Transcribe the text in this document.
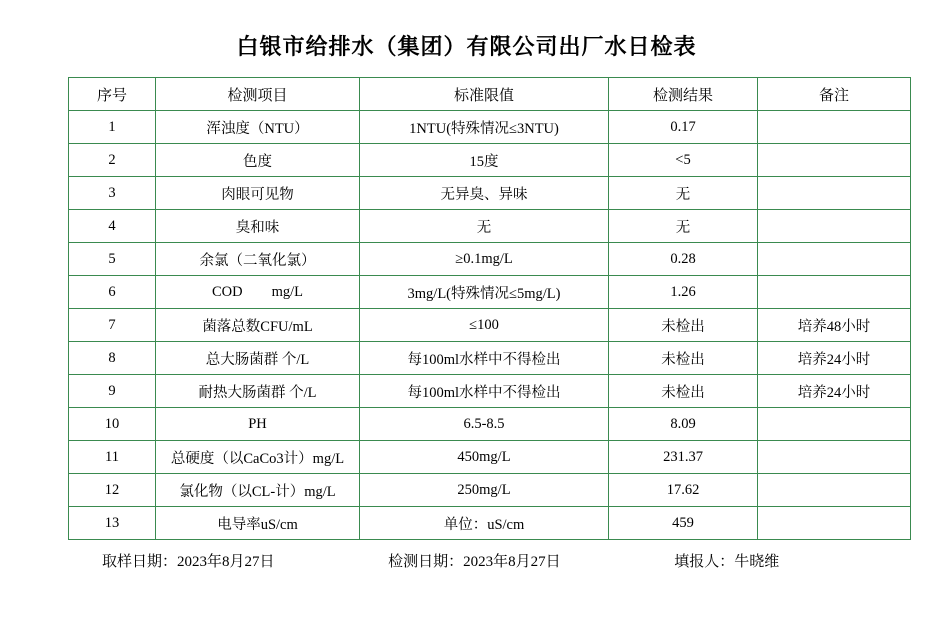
白银市给排水（集团）有限公司出厂水日检表
序号	检测项目	标准限值	检测结果	备注
1	浑浊度（NTU）	1NTU(特殊情况≤3NTU)	0.17	
2	色度	15度	<5	
3	肉眼可见物	无异臭、异味	无	
4	臭和味	无	无	
5	余氯（二氧化氯）	≥0.1mg/L	0.28	
6	COD        mg/L	3mg/L(特殊情况≤5mg/L)	1.26	
7	菌落总数CFU/mL	≤100	未检出	培养48小时
8	总大肠菌群 个/L	每100ml水样中不得检出	未检出	培养24小时
9	耐热大肠菌群 个/L	每100ml水样中不得检出	未检出	培养24小时
10	PH	6.5-8.5	8.09	
11	总硬度（以CaCo3计）mg/L	450mg/L	231.37	
12	氯化物（以CL-计）mg/L	250mg/L	17.62	
13	电导率uS/cm	单位：uS/cm	459	
取样日期：2023年8月27日	检测日期：2023年8月27日	填报人：牛晓维
